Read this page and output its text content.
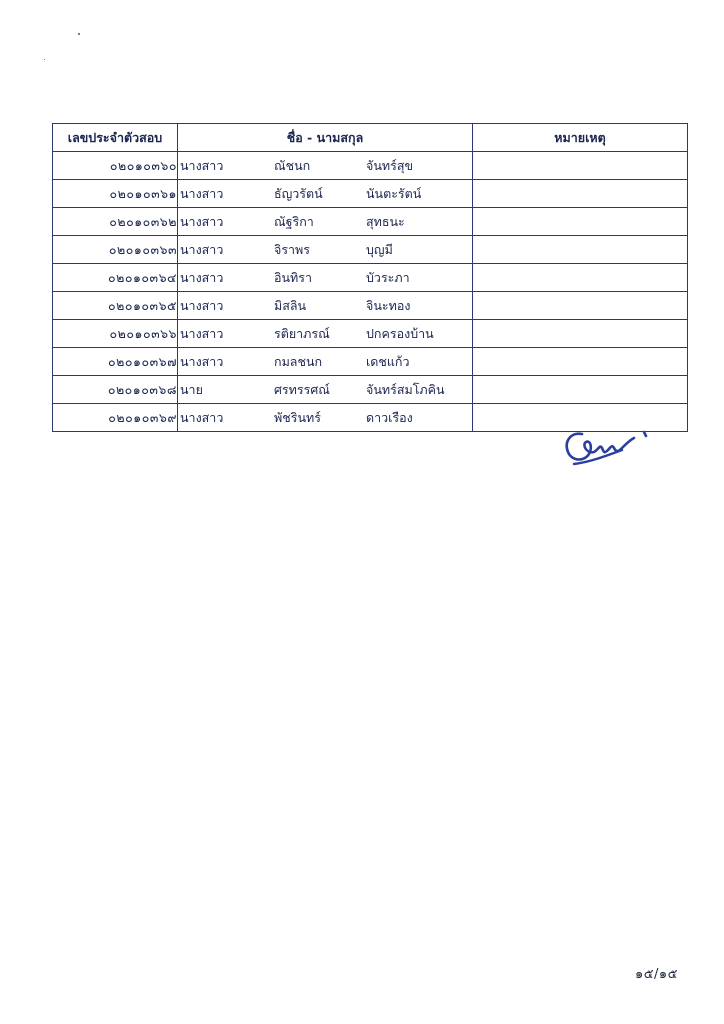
เลขประจำตัวสอบ	ชื่อ - นามสกุล	หมายเหตุ
๐๒๐๑๐๓๖๐	นางสาว ณัชนก จันทร์สุข	

๐๒๐๑๐๓๖๑	นางสาว ธัญวรัตน์ นันตะรัตน์	

๐๒๐๑๐๓๖๒	นางสาว ณัฐริกา สุทธนะ	

๐๒๐๑๐๓๖๓	นางสาว จิราพร บุญมี	

๐๒๐๑๐๓๖๔	นางสาว อินทิรา บัวระภา	

๐๒๐๑๐๓๖๕	นางสาว มิสลิน จินะทอง	

๐๒๐๑๐๓๖๖	นางสาว รติยาภรณ์ ปกครองบ้าน	

๐๒๐๑๐๓๖๗	นางสาว กมลชนก เดชแก้ว	

๐๒๐๑๐๓๖๘	นาย ศรทรรศณ์ จันทร์สมโภคิน	

๐๒๐๑๐๓๖๙	นางสาว พัชรินทร์ ดาวเรือง	

๑๕/๑๕
